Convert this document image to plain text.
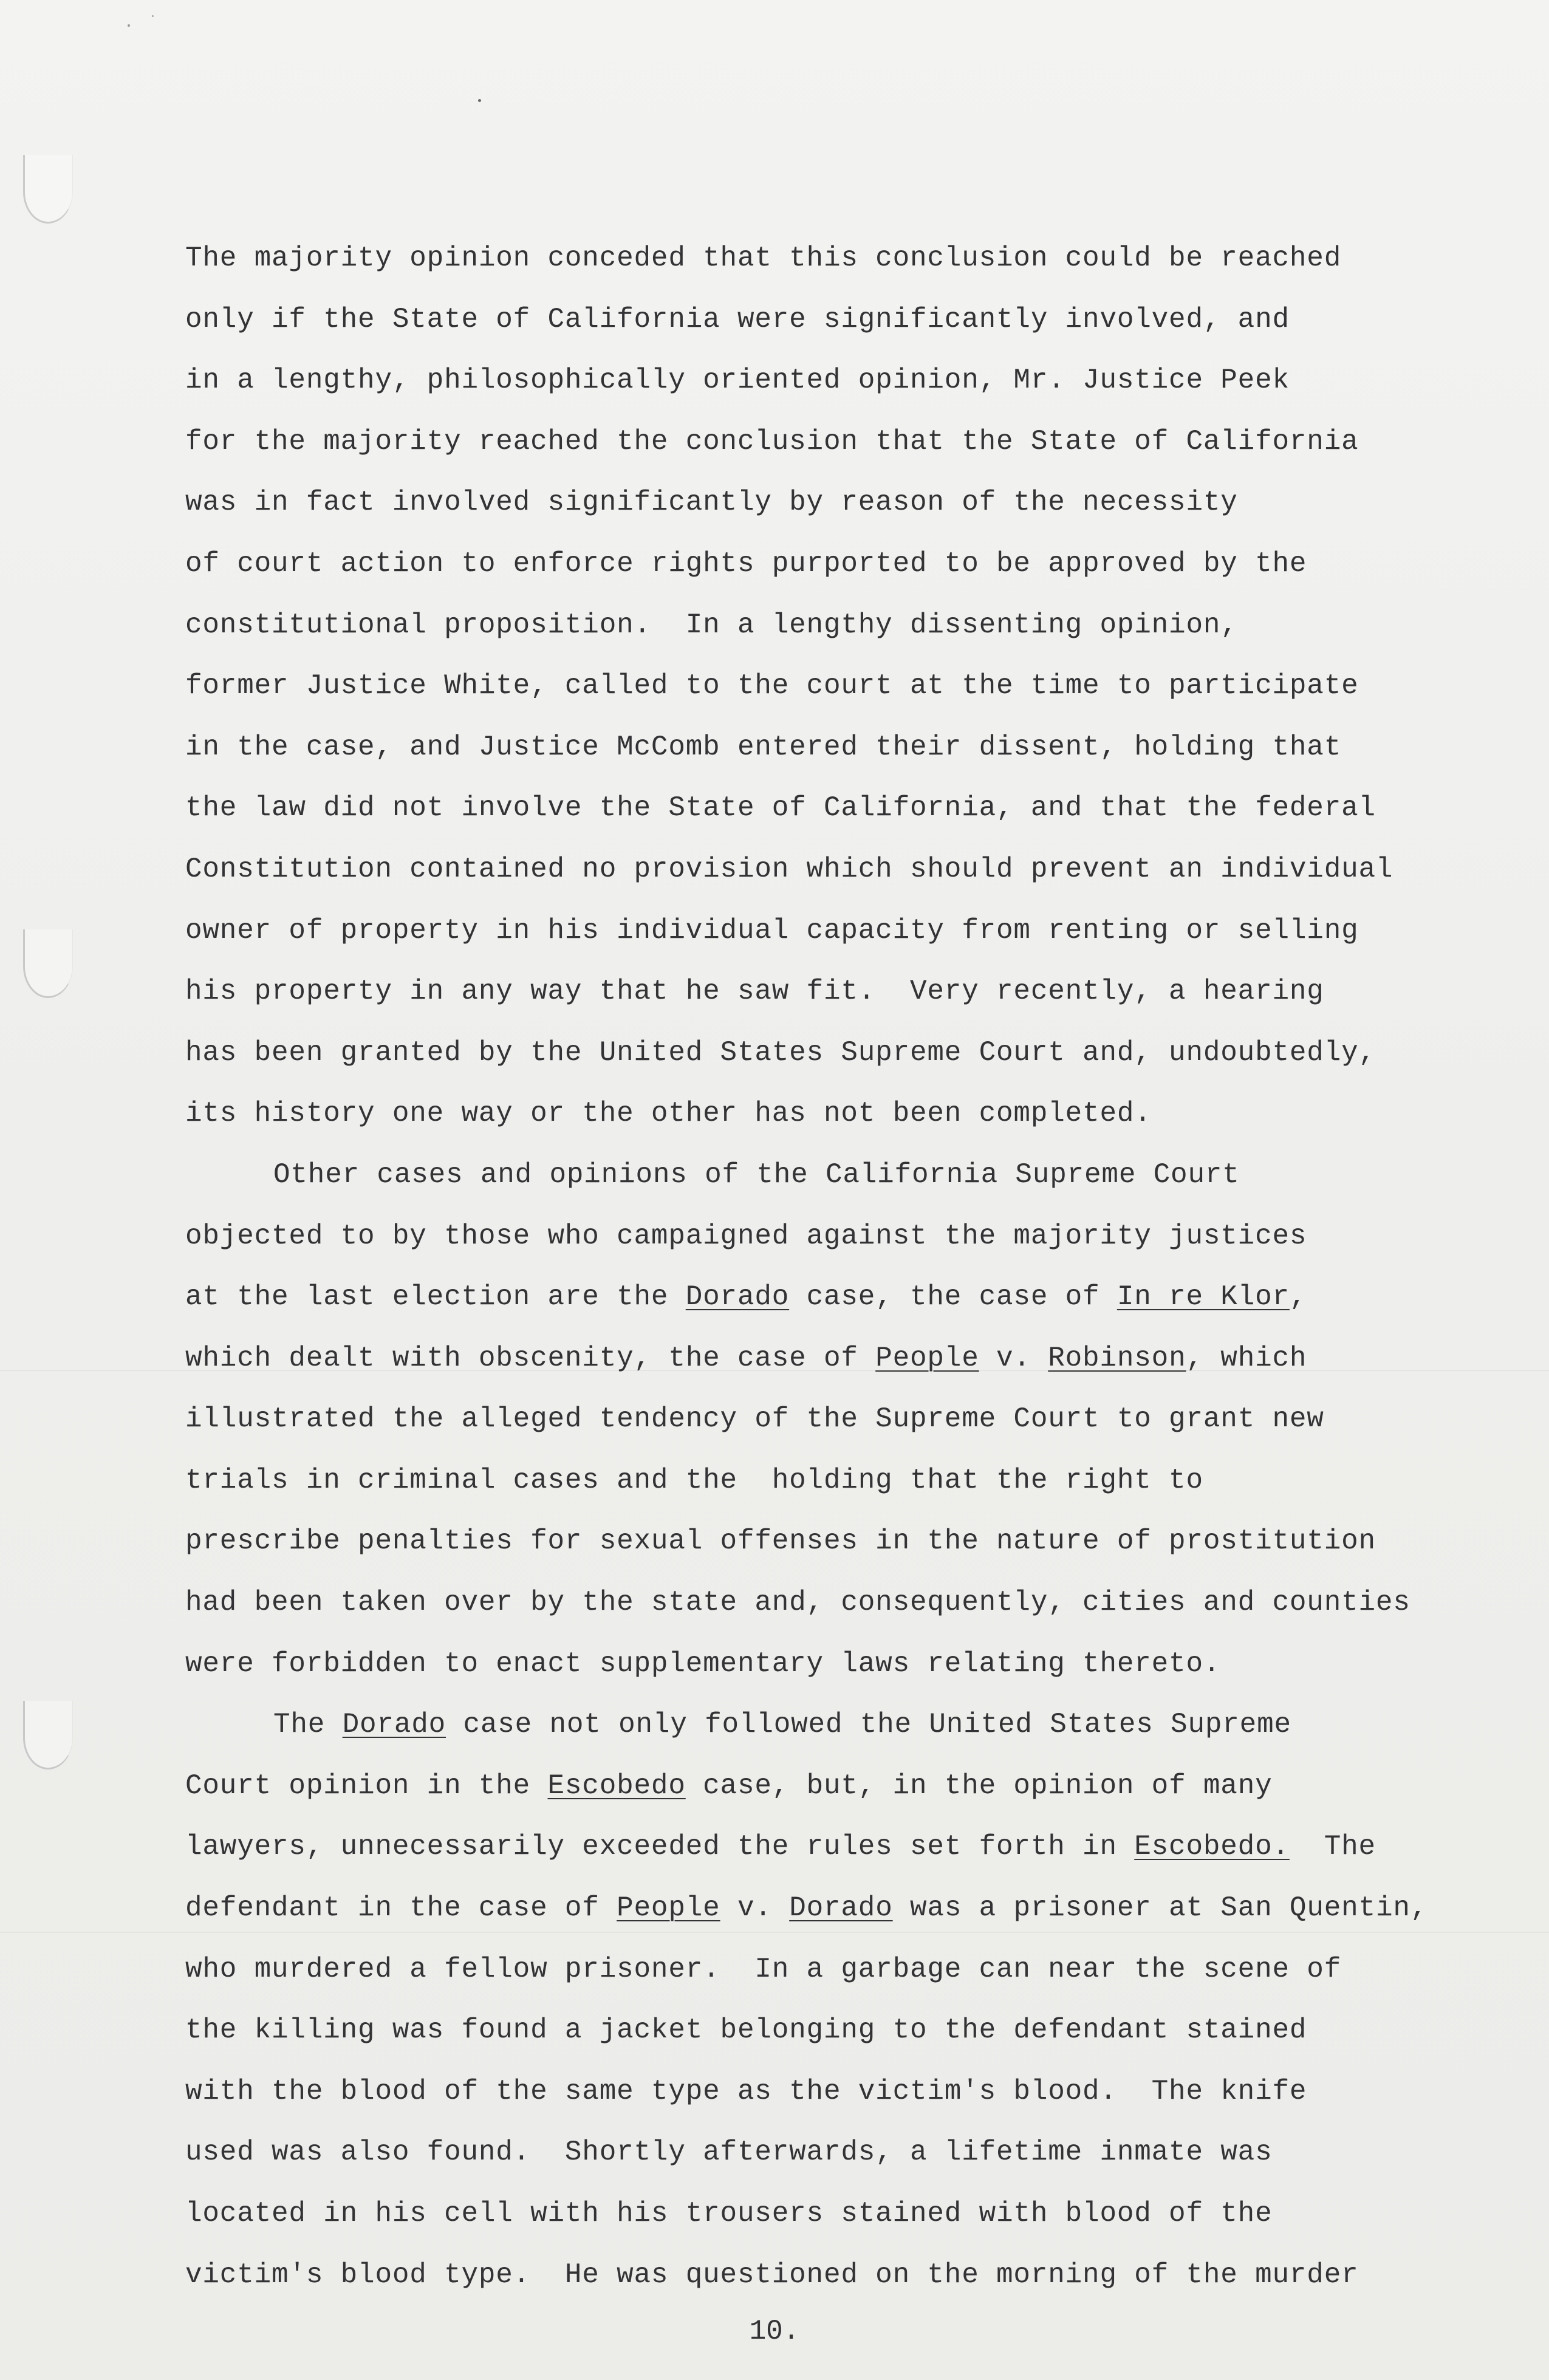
The majority opinion conceded that this conclusion could be reached
only if the State of California were significantly involved, and
in a lengthy, philosophically oriented opinion, Mr. Justice Peek
for the majority reached the conclusion that the State of California
was in fact involved significantly by reason of the necessity
of court action to enforce rights purported to be approved by the
constitutional proposition.  In a lengthy dissenting opinion,
former Justice White, called to the court at the time to participate
in the case, and Justice McComb entered their dissent, holding that
the law did not involve the State of California, and that the federal
Constitution contained no provision which should prevent an individual
owner of property in his individual capacity from renting or selling
his property in any way that he saw fit.  Very recently, a hearing
has been granted by the United States Supreme Court and, undoubtedly,
its history one way or the other has not been completed.
Other cases and opinions of the California Supreme Court
objected to by those who campaigned against the majority justices
at the last election are the Dorado case, the case of In re Klor,
which dealt with obscenity, the case of People v. Robinson, which
illustrated the alleged tendency of the Supreme Court to grant new
trials in criminal cases and the  holding that the right to
prescribe penalties for sexual offenses in the nature of prostitution
had been taken over by the state and, consequently, cities and counties
were forbidden to enact supplementary laws relating thereto.
The Dorado case not only followed the United States Supreme
Court opinion in the Escobedo case, but, in the opinion of many
lawyers, unnecessarily exceeded the rules set forth in Escobedo.  The
defendant in the case of People v. Dorado was a prisoner at San Quentin,
who murdered a fellow prisoner.  In a garbage can near the scene of
the killing was found a jacket belonging to the defendant stained
with the blood of the same type as the victim's blood.  The knife
used was also found.  Shortly afterwards, a lifetime inmate was
located in his cell with his trousers stained with blood of the
victim's blood type.  He was questioned on the morning of the murder
10.
